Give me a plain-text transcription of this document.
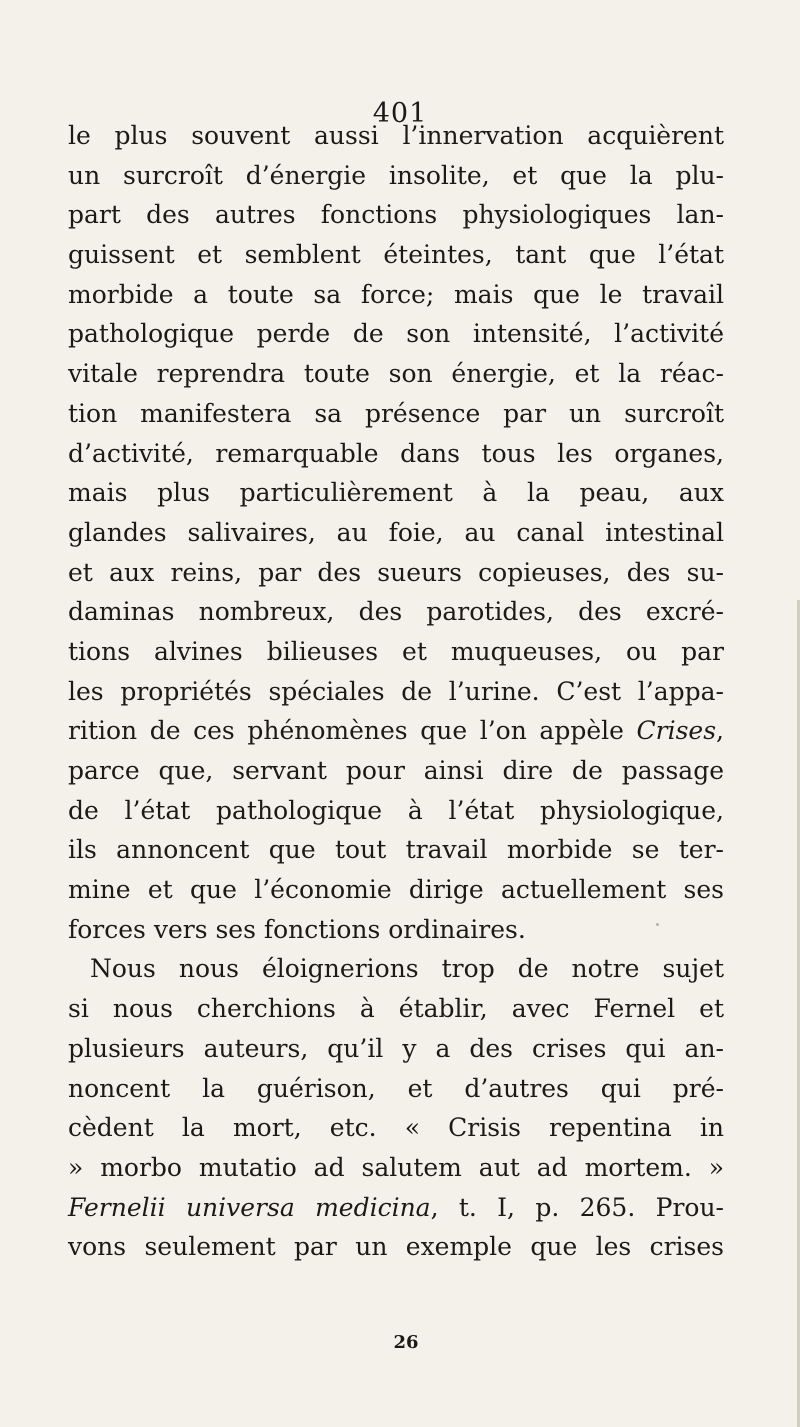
401
le plus souvent aussi l’innervation acquièrent
un surcroît d’énergie insolite, et que la plu-
part des autres fonctions physiologiques lan-
guissent et semblent éteintes, tant que l’état
morbide a toute sa force; mais que le travail
pathologique perde de son intensité, l’activité
vitale reprendra toute son énergie, et la réac-
tion manifestera sa présence par un surcroît
d’activité, remarquable dans tous les organes,
mais plus particulièrement à la peau, aux
glandes salivaires, au foie, au canal intestinal
et aux reins, par des sueurs copieuses, des su-
daminas nombreux, des parotides, des excré-
tions alvines bilieuses et muqueuses, ou par
les propriétés spéciales de l’urine. C’est l’appa-
rition de ces phénomènes que l’on appèle Crises,
parce que, servant pour ainsi dire de passage
de l’état pathologique à l’état physiologique,
ils annoncent que tout travail morbide se ter-
mine et que l’économie dirige actuellement ses
forces vers ses fonctions ordinaires.
Nous nous éloignerions trop de notre sujet
si nous cherchions à établir, avec Fernel et
plusieurs auteurs, qu’il y a des crises qui an-
noncent la guérison, et d’autres qui pré-
cèdent la mort, etc. « Crisis repentina in
» morbo mutatio ad salutem aut ad mortem. »
Fernelii universa medicina, t. I, p. 265. Prou-
vons seulement par un exemple que les crises
26
